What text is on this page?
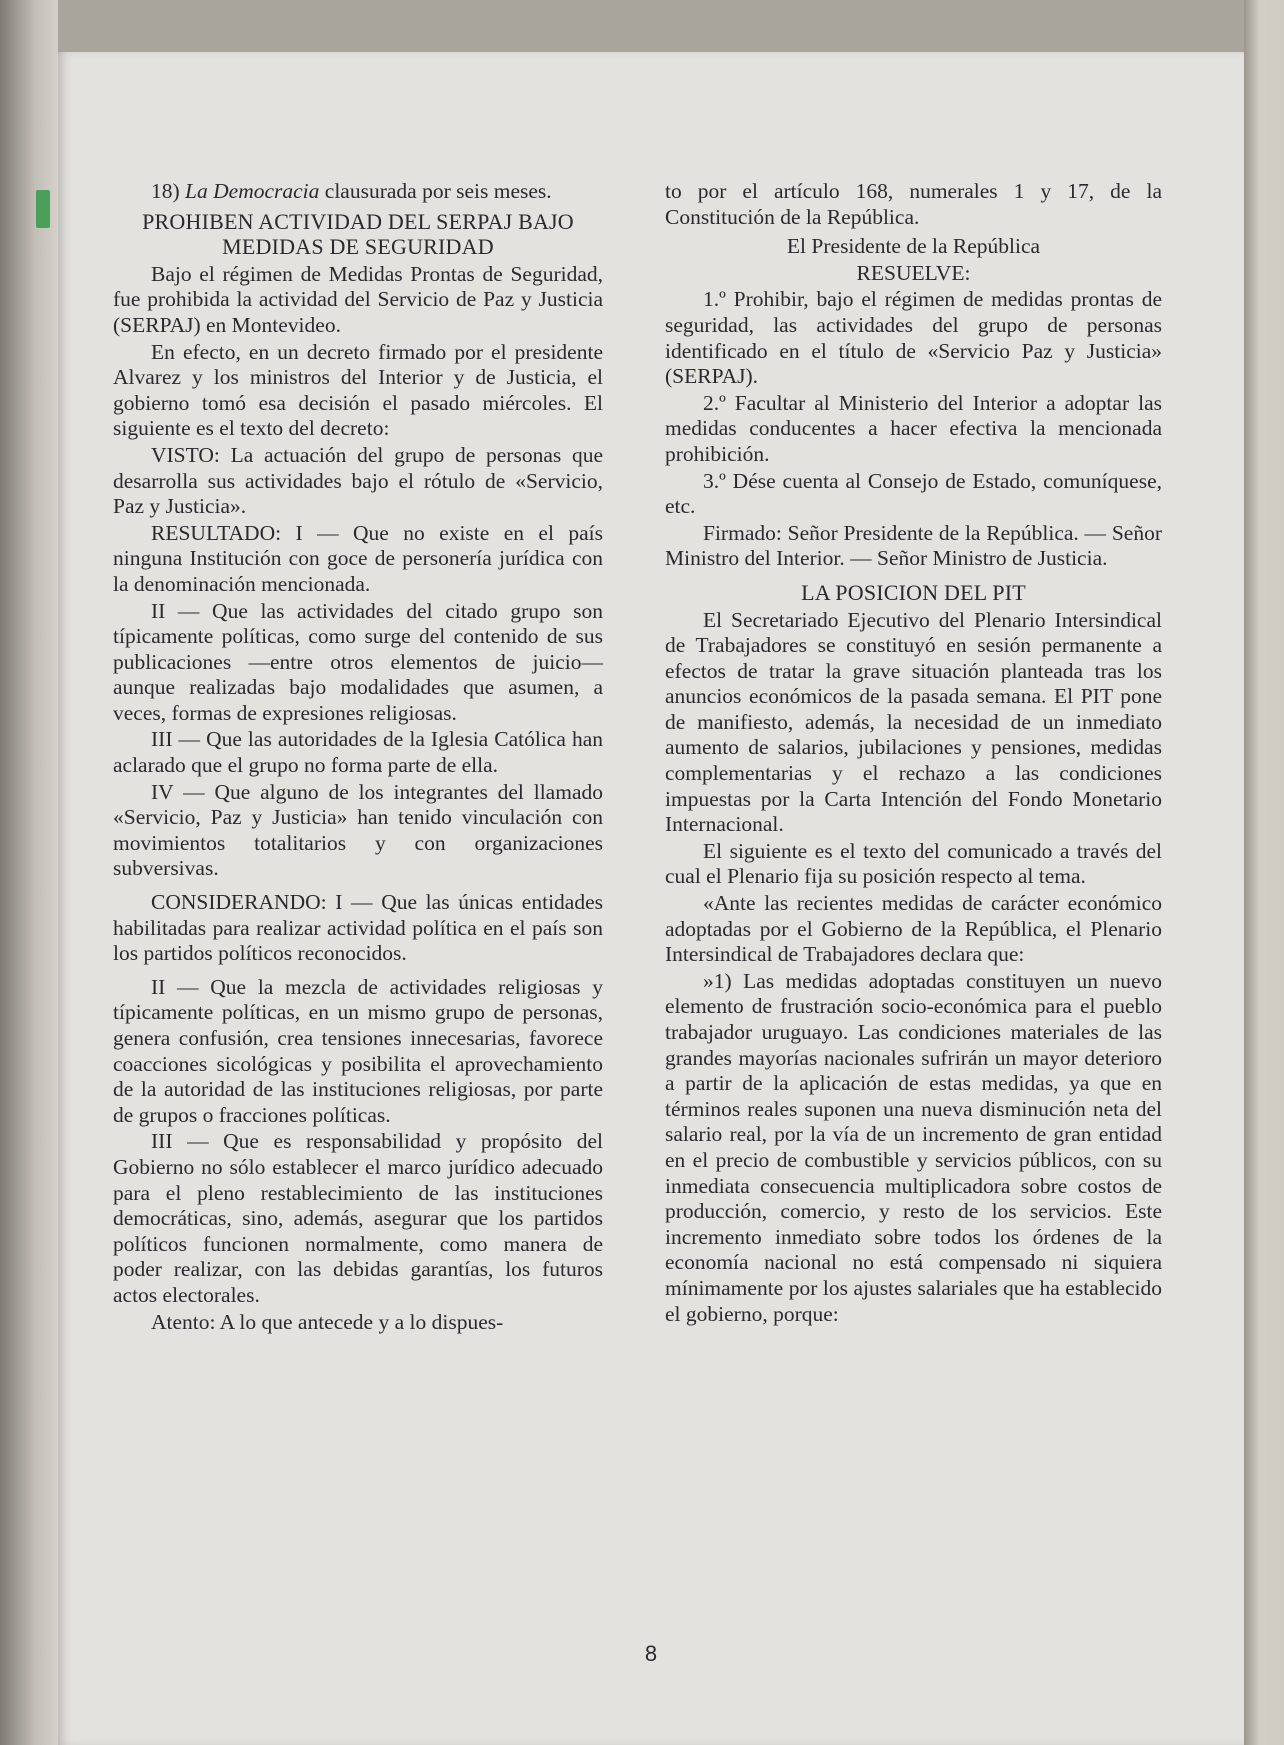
18) La Democracia clausurada por seis meses.

PROHIBEN ACTIVIDAD DEL SERPAJ BAJO MEDIDAS DE SEGURIDAD

Bajo el régimen de Medidas Prontas de Seguridad, fue prohibida la actividad del Servicio de Paz y Justicia (SERPAJ) en Montevideo.

En efecto, en un decreto firmado por el presidente Alvarez y los ministros del Interior y de Justicia, el gobierno tomó esa decisión el pasado miércoles. El siguiente es el texto del decreto:

VISTO: La actuación del grupo de personas que desarrolla sus actividades bajo el rótulo de «Servicio, Paz y Justicia».

RESULTADO: I — Que no existe en el país ninguna Institución con goce de personería jurídica con la denominación mencionada.

II — Que las actividades del citado grupo son típicamente políticas, como surge del contenido de sus publicaciones —entre otros elementos de juicio— aunque realizadas bajo modalidades que asumen, a veces, formas de expresiones religiosas.

III — Que las autoridades de la Iglesia Católica han aclarado que el grupo no forma parte de ella.

IV — Que alguno de los integrantes del llamado «Servicio, Paz y Justicia» han tenido vinculación con movimientos totalitarios y con organizaciones subversivas.

CONSIDERANDO: I — Que las únicas entidades habilitadas para realizar actividad política en el país son los partidos políticos reconocidos.

II — Que la mezcla de actividades religiosas y típicamente políticas, en un mismo grupo de personas, genera confusión, crea tensiones innecesarias, favorece coacciones sicológicas y posibilita el aprovechamiento de la autoridad de las instituciones religiosas, por parte de grupos o fracciones políticas.

III — Que es responsabilidad y propósito del Gobierno no sólo establecer el marco jurídico adecuado para el pleno restablecimiento de las instituciones democráticas, sino, además, asegurar que los partidos políticos funcionen normalmente, como manera de poder realizar, con las debidas garantías, los futuros actos electorales.

Atento: A lo que antecede y a lo dispues-

to por el artículo 168, numerales 1 y 17, de la Constitución de la República.

El Presidente de la República

RESUELVE:

1.º Prohibir, bajo el régimen de medidas prontas de seguridad, las actividades del grupo de personas identificado en el título de «Servicio Paz y Justicia» (SERPAJ).

2.º Facultar al Ministerio del Interior a adoptar las medidas conducentes a hacer efectiva la mencionada prohibición.

3.º Dése cuenta al Consejo de Estado, comuníquese, etc.

Firmado: Señor Presidente de la República. — Señor Ministro del Interior. — Señor Ministro de Justicia.

LA POSICION DEL PIT

El Secretariado Ejecutivo del Plenario Intersindical de Trabajadores se constituyó en sesión permanente a efectos de tratar la grave situación planteada tras los anuncios económicos de la pasada semana. El PIT pone de manifiesto, además, la necesidad de un inmediato aumento de salarios, jubilaciones y pensiones, medidas complementarias y el rechazo a las condiciones impuestas por la Carta Intención del Fondo Monetario Internacional.

El siguiente es el texto del comunicado a través del cual el Plenario fija su posición respecto al tema.

«Ante las recientes medidas de carácter económico adoptadas por el Gobierno de la República, el Plenario Intersindical de Trabajadores declara que:

»1) Las medidas adoptadas constituyen un nuevo elemento de frustración socio-económica para el pueblo trabajador uruguayo. Las condiciones materiales de las grandes mayorías nacionales sufrirán un mayor deterioro a partir de la aplicación de estas medidas, ya que en términos reales suponen una nueva disminución neta del salario real, por la vía de un incremento de gran entidad en el precio de combustible y servicios públicos, con su inmediata consecuencia multiplicadora sobre costos de producción, comercio, y resto de los servicios. Este incremento inmediato sobre todos los órdenes de la economía nacional no está compensado ni siquiera mínimamente por los ajustes salariales que ha establecido el gobierno, porque:

8
